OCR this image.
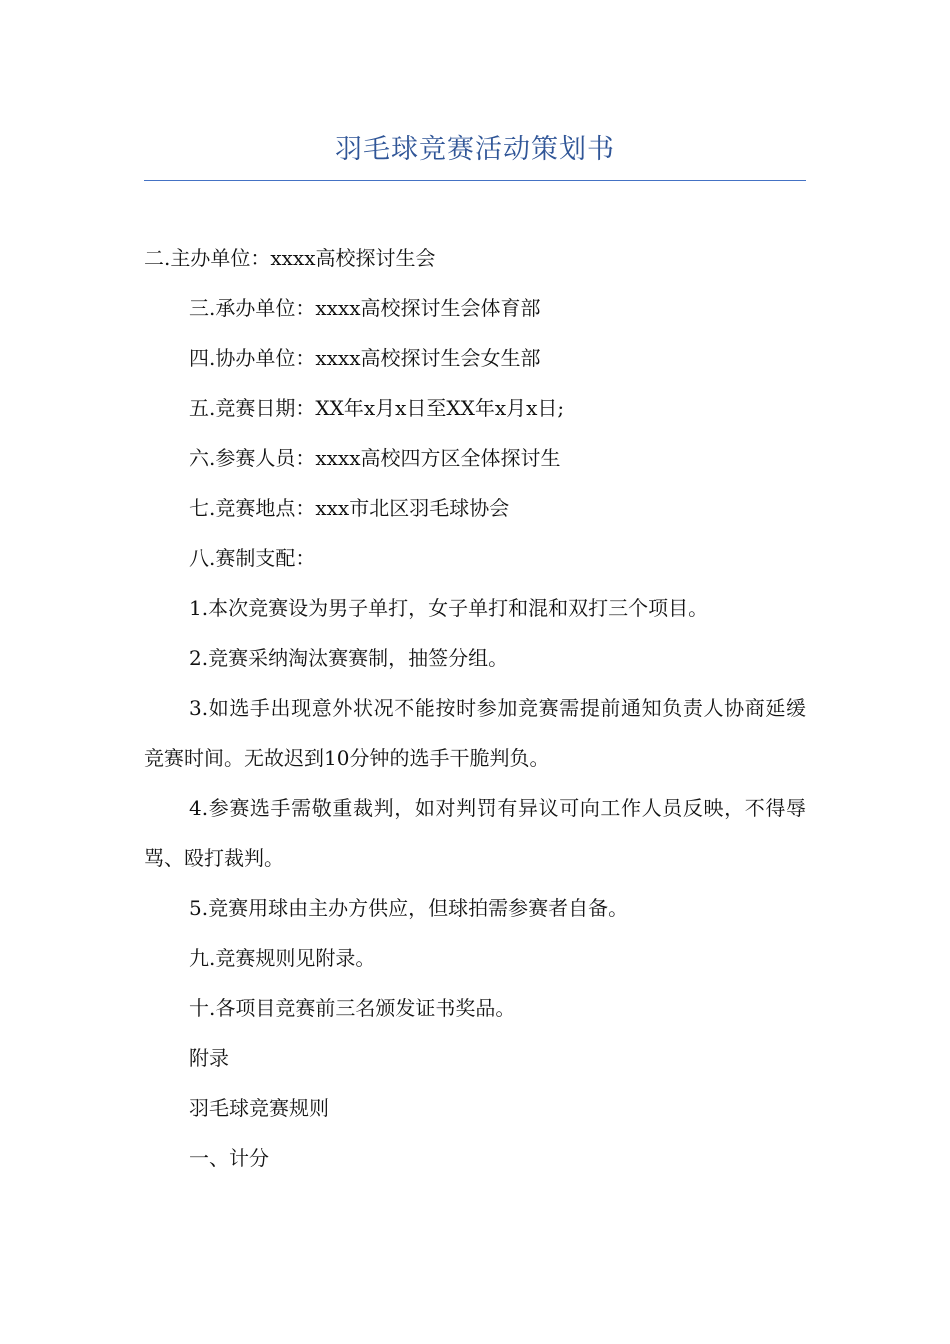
羽毛球竞赛活动策划书

二.主办单位：xxxx高校探讨生会

三.承办单位：xxxx高校探讨生会体育部

四.协办单位：xxxx高校探讨生会女生部

五.竞赛日期：XX年x月x日至XX年x月x日;

六.参赛人员：xxxx高校四方区全体探讨生

七.竞赛地点：xxx市北区羽毛球协会

八.赛制支配：

1.本次竞赛设为男子单打，女子单打和混和双打三个项目。

2.竞赛采纳淘汰赛赛制，抽签分组。

3.如选手出现意外状况不能按时参加竞赛需提前通知负责人协商延缓竞赛时间。无故迟到10分钟的选手干脆判负。

4.参赛选手需敬重裁判，如对判罚有异议可向工作人员反映，不得辱骂、殴打裁判。

5.竞赛用球由主办方供应，但球拍需参赛者自备。

九.竞赛规则见附录。

十.各项目竞赛前三名颁发证书奖品。

附录

羽毛球竞赛规则

一、计分
